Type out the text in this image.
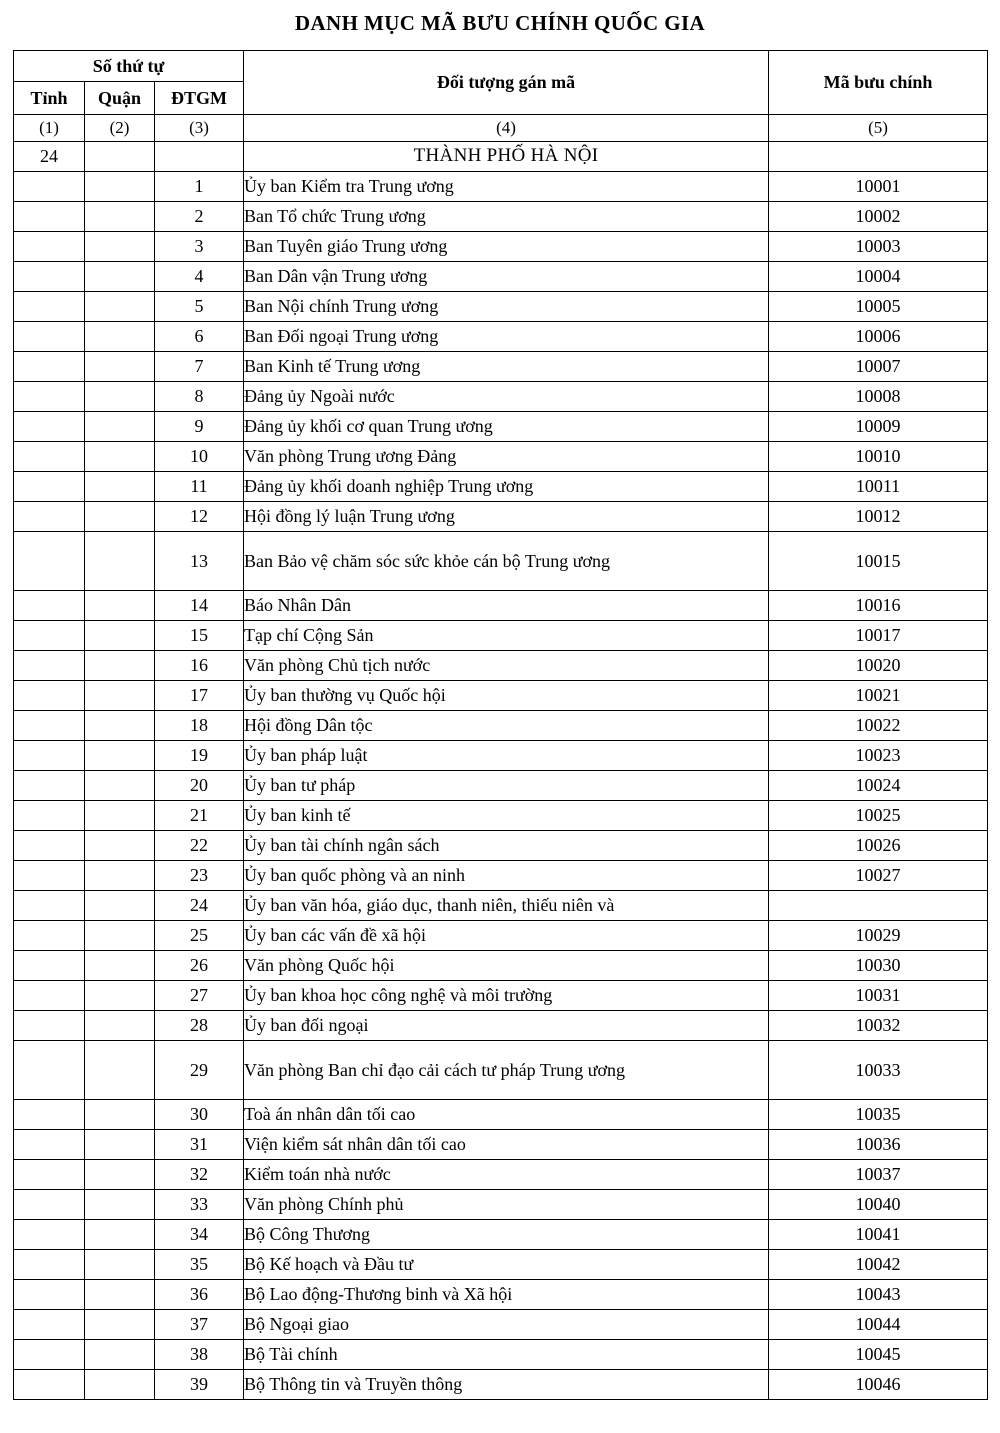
DANH MỤC MÃ BƯU CHÍNH QUỐC GIA
Số thứ tự			Đối tượng gán mã	Mã bưu chính
Tỉnh	Quận	ĐTGM		
(1)	(2)	(3)	(4)	(5)
24			THÀNH PHỐ HÀ NỘI	
		1	Ủy ban Kiểm tra Trung ương	10001
		2	Ban Tổ chức Trung ương	10002
		3	Ban Tuyên giáo Trung ương	10003
		4	Ban Dân vận Trung ương	10004
		5	Ban Nội chính Trung ương	10005
		6	Ban Đối ngoại Trung ương	10006
		7	Ban Kinh tế Trung ương	10007
		8	Đảng ủy Ngoài nước	10008
		9	Đảng ủy khối cơ quan Trung ương	10009
		10	Văn phòng Trung ương Đảng	10010
		11	Đảng ủy khối doanh nghiệp Trung ương	10011
		12	Hội đồng lý luận Trung ương	10012
		13	Ban Bảo vệ chăm sóc sức khỏe cán bộ Trung ương	10015
		14	Báo Nhân Dân	10016
		15	Tạp chí Cộng Sản	10017
		16	Văn phòng Chủ tịch nước	10020
		17	Ủy ban thường vụ Quốc hội	10021
		18	Hội đồng Dân tộc	10022
		19	Ủy ban pháp luật	10023
		20	Ủy ban tư pháp	10024
		21	Ủy ban kinh tế	10025
		22	Ủy ban tài chính ngân sách	10026
		23	Ủy ban quốc phòng và an ninh	10027
		24	Ủy ban văn hóa, giáo dục, thanh niên, thiếu niên và	
		25	Ủy ban các vấn đề xã hội	10029
		26	Văn phòng Quốc hội	10030
		27	Ủy ban khoa học công nghệ và môi trường	10031
		28	Ủy ban đối ngoại	10032
		29	Văn phòng Ban chỉ đạo cải cách tư pháp Trung ương	10033
		30	Toà án nhân dân tối cao	10035
		31	Viện kiểm sát nhân dân tối cao	10036
		32	Kiểm toán nhà nước	10037
		33	Văn phòng Chính phủ	10040
		34	Bộ Công Thương	10041
		35	Bộ Kế hoạch và Đầu tư	10042
		36	Bộ Lao động-Thương binh và Xã hội	10043
		37	Bộ Ngoại giao	10044
		38	Bộ Tài chính	10045
		39	Bộ Thông tin và Truyền thông	10046
